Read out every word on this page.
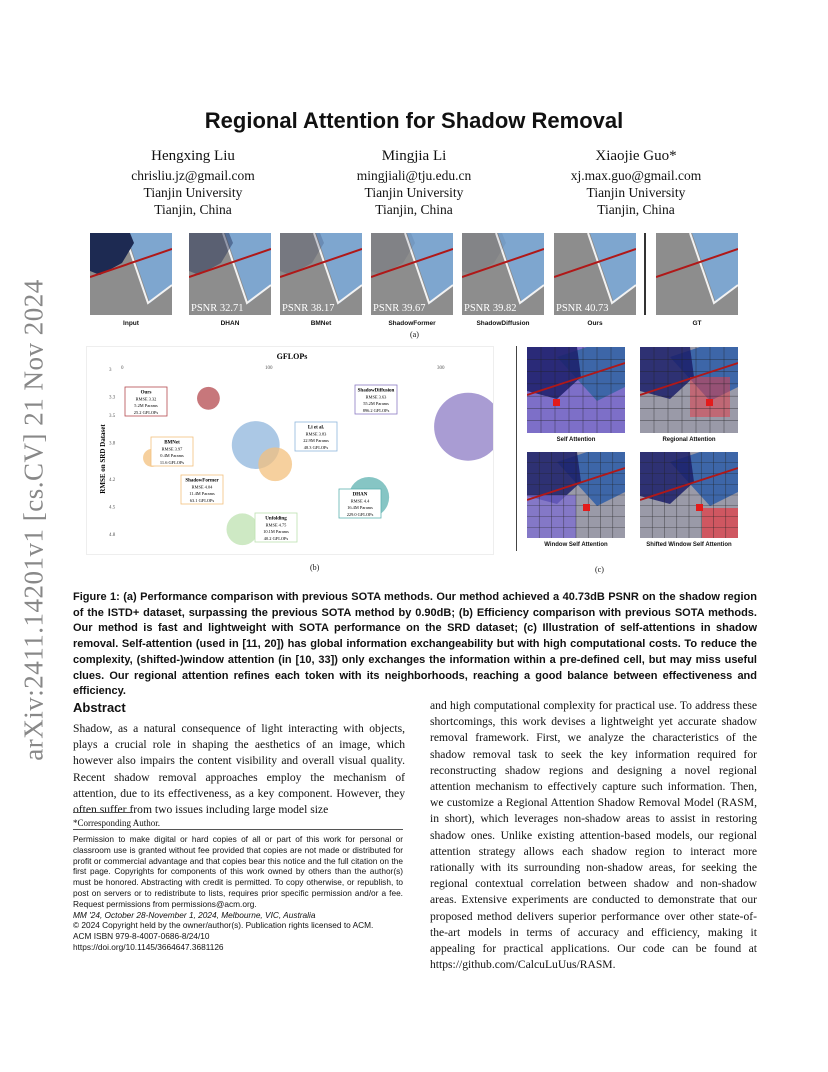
arXiv:2411.14201v1 [cs.CV] 21 Nov 2024
Regional Attention for Shadow Removal
Hengxing Liu
chrisliu.jz@gmail.com
Tianjin University
Tianjin, China
Mingjia Li
mingjiali@tju.edu.cn
Tianjin University
Tianjin, China
Xiaojie Guo*
xj.max.guo@gmail.com
Tianjin University
Tianjin, China
PSNR 32.71	PSNR 38.17	PSNR 39.67	PSNR 39.82	PSNR 40.73
Input	DHAN	BMNet	ShadowFormer	ShadowDiffusion	Ours	GT
(a)
GFLOPs
RMSE on SRD Dataset
0	100	300
3
3.3
3.5
3.8
4.2
4.5
4.8
Ours
RMSE 3.32
5.2M Params
25.2 GFLOPs
ShadowDiffusion
RMSE 3.63
55.2M Params
896.2 GFLOPs
Li et al.
RMSE 3.83
22.9M Params
48.3 GFLOPs
BMNet
RMSE 3.97
0.4M Params
11.6 GFLOPs
ShadowFormer
RMSE 4.04
11.4M Params
63.1 GFLOPs
DHAN
RMSE 4.4
16.4M Params
229.0 GFLOPs
Unfolding
RMSE 4.75
10.1M Params
40.2 GFLOPs
(b)
Self Attention	Regional Attention
Window Self Attention	Shifted Window Self Attention
(c)
Figure 1: (a) Performance comparison with previous SOTA methods. Our method achieved a 40.73dB PSNR on the shadow region of the ISTD+ dataset, surpassing the previous SOTA method by 0.90dB; (b) Efficiency comparison with previous SOTA methods. Our method is fast and lightweight with SOTA performance on the SRD dataset; (c) Illustration of self-attentions in shadow removal. Self-attention (used in [11, 20]) has global information exchangeability but with high computational costs. To reduce the complexity, (shifted-)window attention (in [10, 33]) only exchanges the information within a pre-defined cell, but may miss useful clues. Our regional attention refines each token with its neighborhoods, reaching a good balance between effectiveness and efficiency.
Abstract
Shadow, as a natural consequence of light interacting with objects, plays a crucial role in shaping the aesthetics of an image, which however also impairs the content visibility and overall visual quality. Recent shadow removal approaches employ the mechanism of attention, due to its effectiveness, as a key component. However, they often suffer from two issues including large model size
and high computational complexity for practical use. To address these shortcomings, this work devises a lightweight yet accurate shadow removal framework. First, we analyze the characteristics of the shadow removal task to seek the key information required for reconstructing shadow regions and designing a novel regional attention mechanism to effectively capture such information. Then, we customize a Regional Attention Shadow Removal Model (RASM, in short), which leverages non-shadow areas to assist in restoring shadow ones. Unlike existing attention-based models, our regional attention strategy allows each shadow region to interact more rationally with its surrounding non-shadow areas, for seeking the regional contextual correlation between shadow and non-shadow areas. Extensive experiments are conducted to demonstrate that our proposed method delivers superior performance over other state-of-the-art models in terms of accuracy and efficiency, making it appealing for practical applications. Our code can be found at https://github.com/CalcuLuUus/RASM.
*Corresponding Author.
Permission to make digital or hard copies of all or part of this work for personal or classroom use is granted without fee provided that copies are not made or distributed for profit or commercial advantage and that copies bear this notice and the full citation on the first page. Copyrights for components of this work owned by others than the author(s) must be honored. Abstracting with credit is permitted. To copy otherwise, or republish, to post on servers or to redistribute to lists, requires prior specific permission and/or a fee. Request permissions from permissions@acm.org.
MM '24, October 28-November 1, 2024, Melbourne, VIC, Australia
© 2024 Copyright held by the owner/author(s). Publication rights licensed to ACM.
ACM ISBN 979-8-4007-0686-8/24/10
https://doi.org/10.1145/3664647.3681126
